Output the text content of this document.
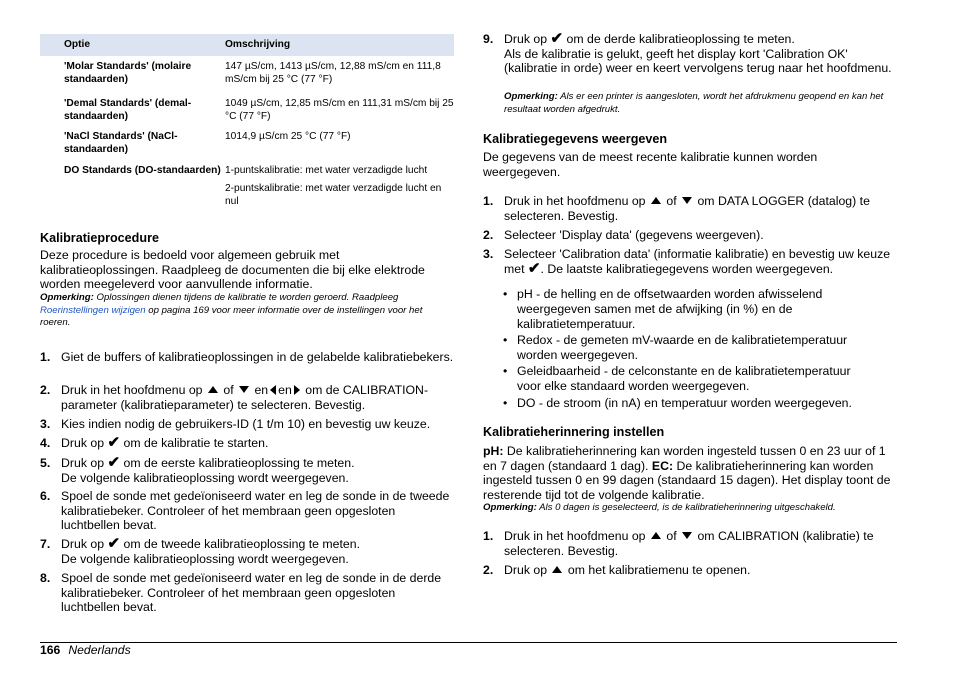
Optie	Omschrijving
'Molar Standards' (molaire standaarden)	147 µS/cm, 1413 µS/cm, 12,88 mS/cm en 111,8 mS/cm bij 25 °C (77 °F)
'Demal Standards' (demal-standaarden)	1049 µS/cm, 12,85 mS/cm en 111,31 mS/cm bij 25 °C (77 °F)
'NaCl Standards' (NaCl-standaarden)	1014,9 µS/cm 25 °C (77 °F)
DO Standards (DO-standaarden)	1-puntskalibratie: met water verzadigde lucht
2-puntskalibratie: met water verzadigde lucht en nul
Kalibratieprocedure

Deze procedure is bedoeld voor algemeen gebruik met kalibratieoplossingen. Raadpleeg de documenten die bij elke elektrode worden meegeleverd voor aanvullende informatie.

Opmerking: Oplossingen dienen tijdens de kalibratie te worden geroerd. Raadpleeg Roerinstellingen wijzigen op pagina 169 voor meer informatie over de instellingen voor het roeren.

1. Giet de buffers of kalibratieoplossingen in de gelabelde kalibratiebekers.
2. Druk in het hoofdmenu op of en en om de CALIBRATION-parameter (kalibratieparameter) te selecteren. Bevestig.
3. Kies indien nodig de gebruikers-ID (1 t/m 10) en bevestig uw keuze.
4. Druk op ✔ om de kalibratie te starten.
5. Druk op ✔ om de eerste kalibratieoplossing te meten.
De volgende kalibratieoplossing wordt weergegeven.
6. Spoel de sonde met gedeïoniseerd water en leg de sonde in de tweede kalibratiebeker. Controleer of het membraan geen opgesloten luchtbellen bevat.
7. Druk op ✔ om de tweede kalibratieoplossing te meten.
De volgende kalibratieoplossing wordt weergegeven.
8. Spoel de sonde met gedeïoniseerd water en leg de sonde in de derde kalibratiebeker. Controleer of het membraan geen opgesloten luchtbellen bevat.
9. Druk op ✔ om de derde kalibratieoplossing te meten.
Als de kalibratie is gelukt, geeft het display kort 'Calibration OK' (kalibratie in orde) weer en keert vervolgens terug naar het hoofdmenu.

Opmerking: Als er een printer is aangesloten, wordt het afdrukmenu geopend en kan het resultaat worden afgedrukt.

Kalibratiegegevens weergeven

De gegevens van de meest recente kalibratie kunnen worden weergegeven.

1. Druk in het hoofdmenu op of om DATA LOGGER (datalog) te selecteren. Bevestig.
2. Selecteer 'Display data' (gegevens weergeven).
3. Selecteer 'Calibration data' (informatie kalibratie) en bevestig uw keuze met ✔. De laatste kalibratiegegevens worden weergegeven.
• pH - de helling en de offsetwaarden worden afwisselend weergegeven samen met de afwijking (in %) en de kalibratietemperatuur.
• Redox - de gemeten mV-waarde en de kalibratietemperatuur worden weergegeven.
• Geleidbaarheid - de celconstante en de kalibratietemperatuur voor elke standaard worden weergegeven.
• DO - de stroom (in nA) en temperatuur worden weergegeven.
Kalibratieherinnering instellen

pH: De kalibratieherinnering kan worden ingesteld tussen 0 en 23 uur of 1 en 7 dagen (standaard 1 dag). EC: De kalibratieherinnering kan worden ingesteld tussen 0 en 99 dagen (standaard 15 dagen). Het display toont de resterende tijd tot de volgende kalibratie.

Opmerking: Als 0 dagen is geselecteerd, is de kalibratieherinnering uitgeschakeld.

1. Druk in het hoofdmenu op of om CALIBRATION (kalibratie) te selecteren. Bevestig.
2. Druk op om het kalibratiemenu te openen.
166 Nederlands
